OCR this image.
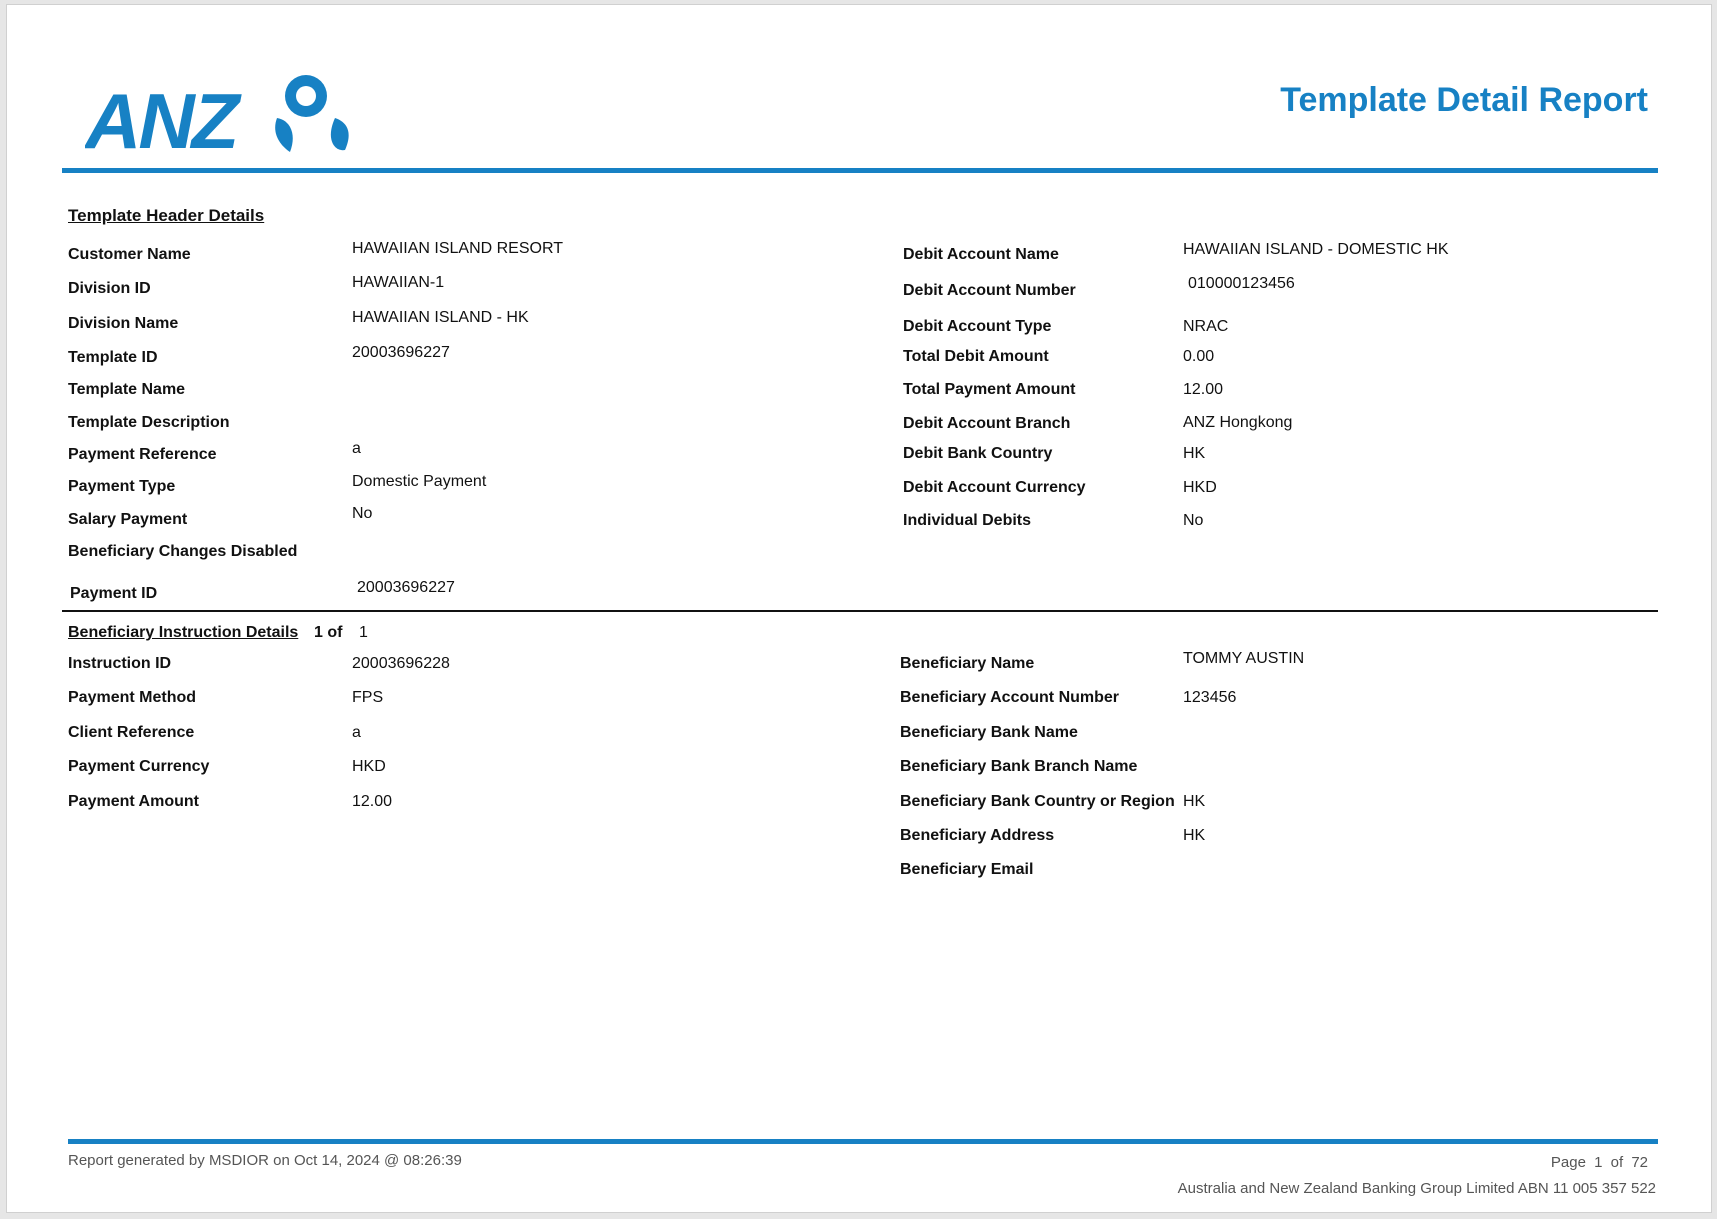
ANZ	Template Detail Report
Template Header Details
Customer Name	HAWAIIAN ISLAND RESORT
Division ID	HAWAIIAN-1
Division Name	HAWAIIAN ISLAND - HK
Template ID	20003696227
Template Name
Template Description
Payment Reference	a
Payment Type	Domestic Payment
Salary Payment	No
Beneficiary Changes Disabled
Payment ID	20003696227
Debit Account Name	HAWAIIAN ISLAND - DOMESTIC HK
Debit Account Number	010000123456
Debit Account Type	NRAC
Total Debit Amount	0.00
Total Payment Amount	12.00
Debit Account Branch	ANZ Hongkong
Debit Bank Country	HK
Debit Account Currency	HKD
Individual Debits	No
Beneficiary Instruction Details 1 of 1
Instruction ID	20003696228
Payment Method	FPS
Client Reference	a
Payment Currency	HKD
Payment Amount	12.00
Beneficiary Name	TOMMY AUSTIN
Beneficiary Account Number	123456
Beneficiary Bank Name
Beneficiary Bank Branch Name
Beneficiary Bank Country or Region HK
Beneficiary Address	HK
Beneficiary Email
Report generated by MSDIOR on Oct 14, 2024 @ 08:26:39	Page 1 of 72
Australia and New Zealand Banking Group Limited ABN 11 005 357 522
